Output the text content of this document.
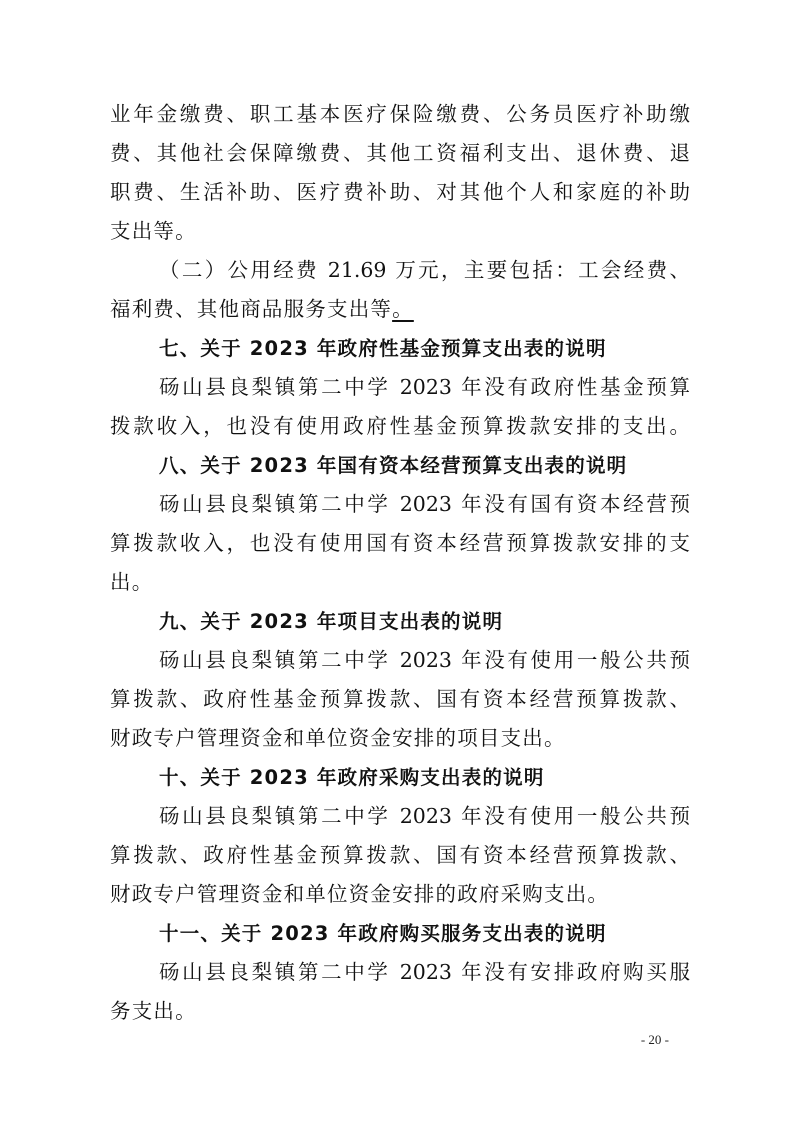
业年金缴费、职工基本医疗保险缴费、公务员医疗补助缴
费、其他社会保障缴费、其他工资福利支出、退休费、退
职费、生活补助、医疗费补助、对其他个人和家庭的补助
支出等。
（二）公用经费 21.69 万元，主要包括：工会经费、
福利费、其他商品服务支出等。
七、关于 2023 年政府性基金预算支出表的说明
砀山县良梨镇第二中学 2023 年没有政府性基金预算
拨款收入，也没有使用政府性基金预算拨款安排的支出。
八、关于 2023 年国有资本经营预算支出表的说明
砀山县良梨镇第二中学 2023 年没有国有资本经营预
算拨款收入，也没有使用国有资本经营预算拨款安排的支
出。
九、关于 2023 年项目支出表的说明
砀山县良梨镇第二中学 2023 年没有使用一般公共预
算拨款、政府性基金预算拨款、国有资本经营预算拨款、
财政专户管理资金和单位资金安排的项目支出。
十、关于 2023 年政府采购支出表的说明
砀山县良梨镇第二中学 2023 年没有使用一般公共预
算拨款、政府性基金预算拨款、国有资本经营预算拨款、
财政专户管理资金和单位资金安排的政府采购支出。
十一、关于 2023 年政府购买服务支出表的说明
砀山县良梨镇第二中学 2023 年没有安排政府购买服
务支出。
- 20 -
